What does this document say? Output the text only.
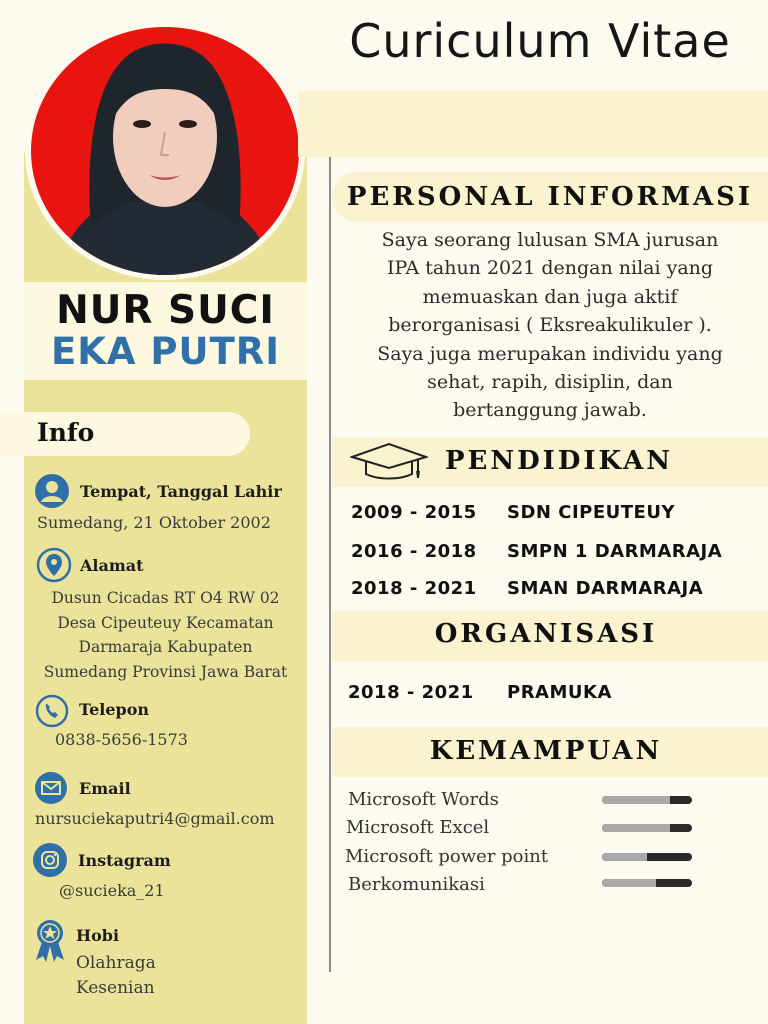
NUR SUCI
EKA PUTRI
Info
Tempat, Tanggal Lahir
Sumedang, 21 Oktober 2002
Alamat
Dusun Cicadas RT O4 RW 02
Desa Cipeuteuy Kecamatan
Darmaraja Kabupaten
Sumedang Provinsi Jawa Barat
Telepon
0838-5656-1573
Email
nursuciekaputri4@gmail.com
Instagram
@sucieka_21
Hobi
Olahraga
Kesenian
Curiculum Vitae
PERSONAL INFORMASI
Saya seorang lulusan SMA jurusan
IPA tahun 2021 dengan nilai yang
memuaskan dan juga aktif
berorganisasi ( Eksreakulikuler ).
Saya juga merupakan individu yang
sehat, rapih, disiplin, dan
bertanggung jawab.
PENDIDIKAN
2009 - 2015 SDN CIPEUTEUY
2016 - 2018 SMPN 1 DARMARAJA
2018 - 2021 SMAN DARMARAJA
ORGANISASI
2018 - 2021 PRAMUKA
KEMAMPUAN
Microsoft Words
Microsoft Excel
Microsoft power point
Berkomunikasi
